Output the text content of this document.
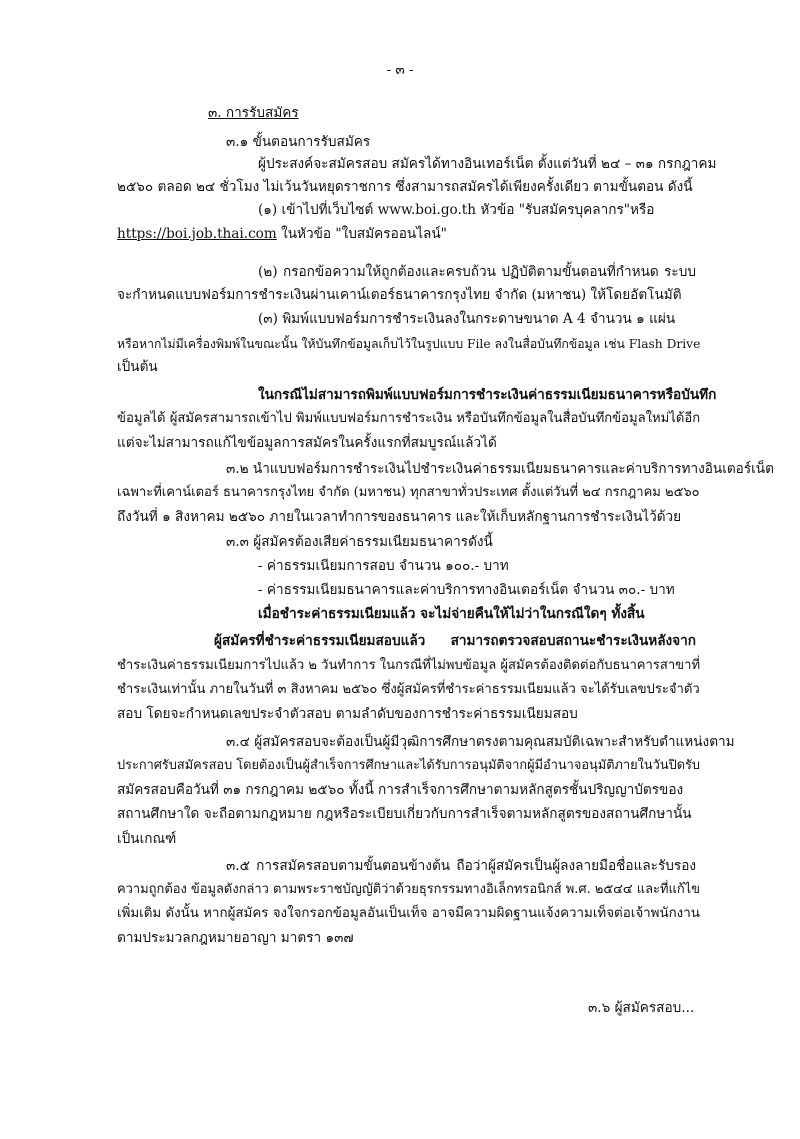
- ๓ -
๓. การรับสมัคร
๓.๑ ขั้นตอนการรับสมัคร
ผู้ประสงค์จะสมัครสอบ สมัครได้ทางอินเทอร์เน็ต ตั้งแต่วันที่ ๒๔ – ๓๑ กรกฎาคม
๒๕๖๐ ตลอด ๒๔ ชั่วโมง ไม่เว้นวันหยุดราชการ ซึ่งสามารถสมัครได้เพียงครั้งเดียว ตามขั้นตอน ดังนี้
(๑) เข้าไปที่เว็บไซต์ www.boi.go.th หัวข้อ "รับสมัครบุคลากร"หรือ
https://boi.job.thai.com ในหัวข้อ "ใบสมัครออนไลน์"
(๒) กรอกข้อความให้ถูกต้องและครบถ้วน ปฏิบัติตามขั้นตอนที่กำหนด ระบบ
จะกำหนดแบบฟอร์มการชำระเงินผ่านเคาน์เตอร์ธนาคารกรุงไทย จำกัด (มหาชน) ให้โดยอัตโนมัติ
(๓) พิมพ์แบบฟอร์มการชำระเงินลงในกระดาษขนาด A 4 จำนวน ๑ แผ่น
หรือหากไม่มีเครื่องพิมพ์ในขณะนั้น ให้บันทึกข้อมูลเก็บไว้ในรูปแบบ File ลงในสื่อบันทึกข้อมูล เช่น Flash Drive
เป็นต้น
ในกรณีไม่สามารถพิมพ์แบบฟอร์มการชำระเงินค่าธรรมเนียมธนาคารหรือบันทึก
ข้อมูลได้ ผู้สมัครสามารถเข้าไป พิมพ์แบบฟอร์มการชำระเงิน หรือบันทึกข้อมูลในสื่อบันทึกข้อมูลใหม่ได้อีก
แต่จะไม่สามารถแก้ไขข้อมูลการสมัครในครั้งแรกที่สมบูรณ์แล้วได้
๓.๒ นำแบบฟอร์มการชำระเงินไปชำระเงินค่าธรรมเนียมธนาคารและค่าบริการทางอินเตอร์เน็ต
เฉพาะที่เคาน์เตอร์ ธนาคารกรุงไทย จำกัด (มหาชน) ทุกสาขาทั่วประเทศ ตั้งแต่วันที่ ๒๔ กรกฎาคม ๒๕๖๐
ถึงวันที่ ๑ สิงหาคม ๒๕๖๐ ภายในเวลาทำการของธนาคาร และให้เก็บหลักฐานการชำระเงินไว้ด้วย
๓.๓ ผู้สมัครต้องเสียค่าธรรมเนียมธนาคารดังนี้
- ค่าธรรมเนียมการสอบ จำนวน ๑๐๐.- บาท
- ค่าธรรมเนียมธนาคารและค่าบริการทางอินเตอร์เน็ต จำนวน ๓๐.- บาท
เมื่อชำระค่าธรรมเนียมแล้ว จะไม่จ่ายคืนให้ไม่ว่าในกรณีใดๆ ทั้งสิ้น
ผู้สมัครที่ชำระค่าธรรมเนียมสอบแล้ว สามารถตรวจสอบสถานะชำระเงินหลังจาก
ชำระเงินค่าธรรมเนียมการไปแล้ว ๒ วันทำการ ในกรณีที่ไม่พบข้อมูล ผู้สมัครต้องติดต่อกับธนาคารสาขาที่
ชำระเงินเท่านั้น ภายในวันที่ ๓ สิงหาคม ๒๕๖๐ ซึ่งผู้สมัครที่ชำระค่าธรรมเนียมแล้ว จะได้รับเลขประจำตัว
สอบ โดยจะกำหนดเลขประจำตัวสอบ ตามลำดับของการชำระค่าธรรมเนียมสอบ
๓.๔ ผู้สมัครสอบจะต้องเป็นผู้มีวุฒิการศึกษาตรงตามคุณสมบัติเฉพาะสำหรับตำแหน่งตาม
ประกาศรับสมัครสอบ โดยต้องเป็นผู้สำเร็จการศึกษาและได้รับการอนุมัติจากผู้มีอำนาจอนุมัติภายในวันปิดรับ
สมัครสอบคือวันที่ ๓๑ กรกฎาคม ๒๕๖๐ ทั้งนี้ การสำเร็จการศึกษาตามหลักสูตรชั้นปริญญาบัตรของ
สถานศึกษาใด จะถือตามกฎหมาย กฎหรือระเบียบเกี่ยวกับการสำเร็จตามหลักสูตรของสถานศึกษานั้น
เป็นเกณฑ์
๓.๕ การสมัครสอบตามขั้นตอนข้างต้น ถือว่าผู้สมัครเป็นผู้ลงลายมือชื่อและรับรอง
ความถูกต้อง ข้อมูลดังกล่าว ตามพระราชบัญญัติว่าด้วยธุรกรรมทางอิเล็กทรอนิกส์ พ.ศ. ๒๕๔๔ และที่แก้ไข
เพิ่มเติม ดังนั้น หากผู้สมัคร จงใจกรอกข้อมูลอันเป็นเท็จ อาจมีความผิดฐานแจ้งความเท็จต่อเจ้าพนักงาน
ตามประมวลกฎหมายอาญา มาตรา ๑๓๗
๓.๖ ผู้สมัครสอบ...
